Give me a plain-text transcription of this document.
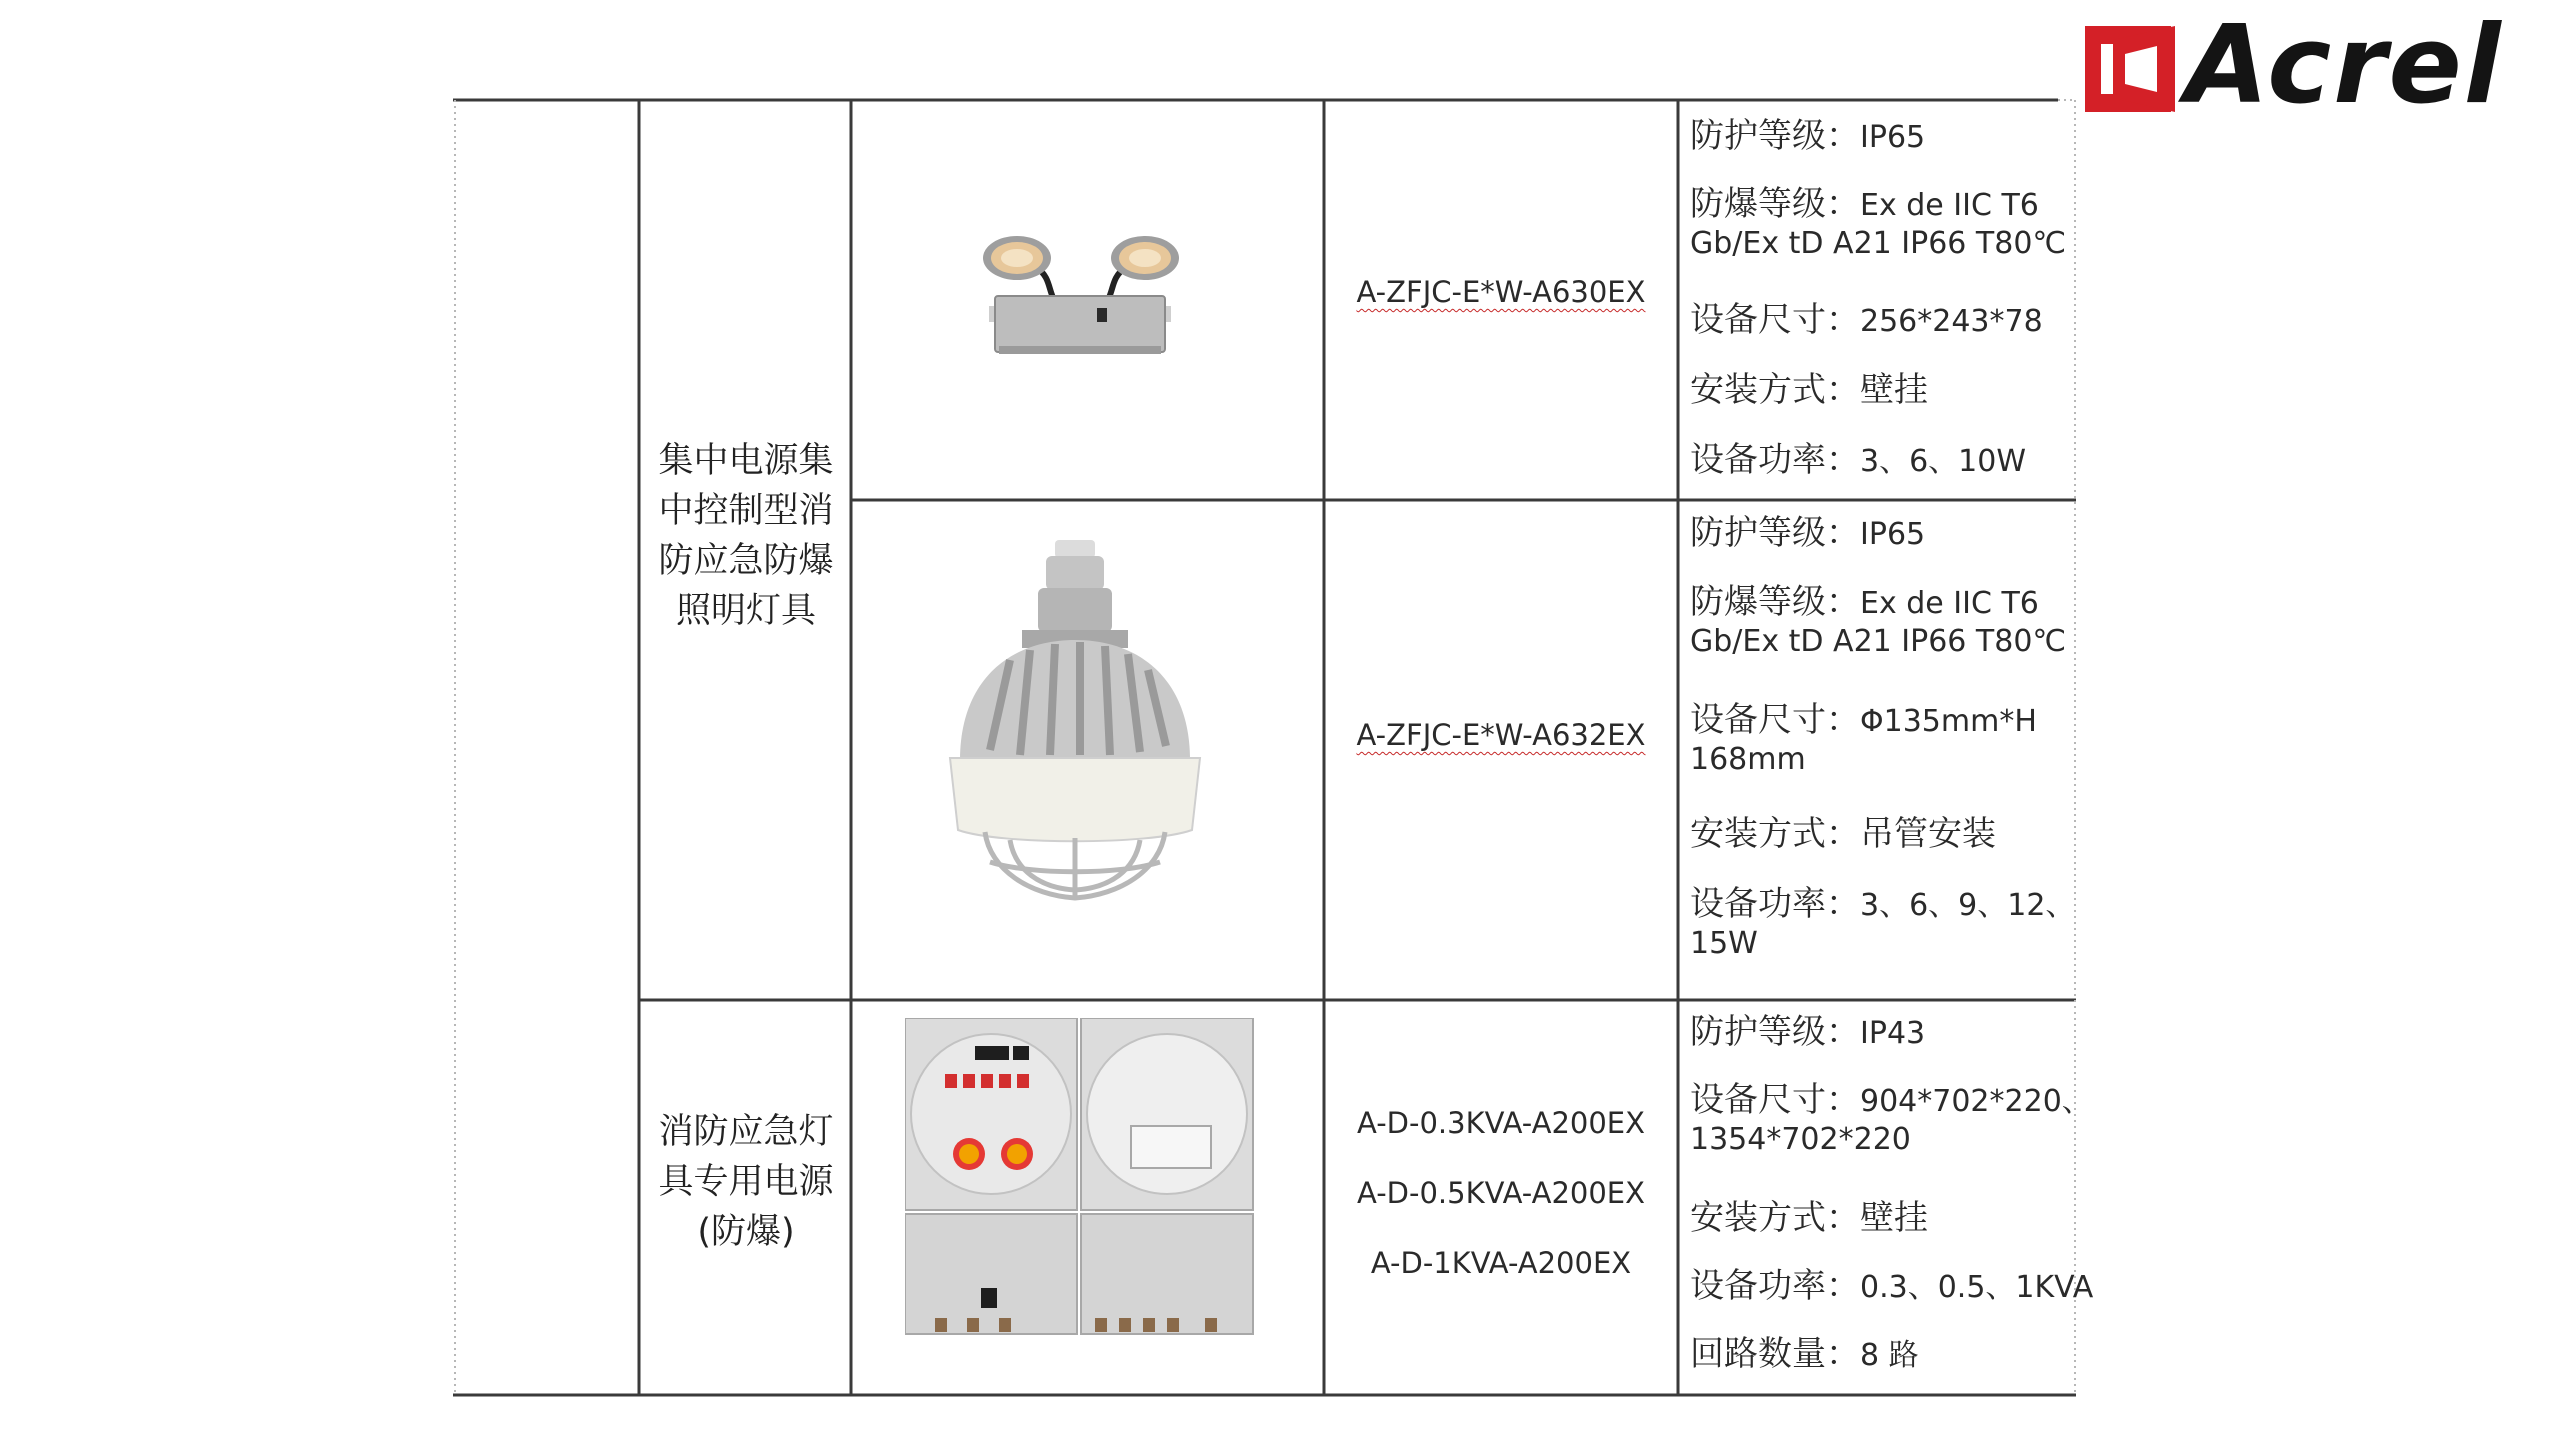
Acrel
集中电源集
中控制型消
防应急防爆
照明灯具
消防应急灯
具专用电源
(防爆)
A-ZFJC-E*W-A630EX
A-ZFJC-E*W-A632EX
A-D-0.3KVA-A200EX
A-D-0.5KVA-A200EX
A-D-1KVA-A200EX
防护等级：IP65
防爆等级：Ex de IIC T6
Gb/Ex tD A21 IP66 T80℃
设备尺寸：256*243*78
安装方式：壁挂
设备功率：3、6、10W
防护等级：IP65
防爆等级：Ex de IIC T6
Gb/Ex tD A21 IP66 T80℃
设备尺寸：Φ135mm*H
168mm
安装方式：吊管安装
设备功率：3、6、9、12、
15W
防护等级：IP43
设备尺寸：904*702*220、
1354*702*220
安装方式：壁挂
设备功率：0.3、0.5、1KVA
回路数量：8 路
